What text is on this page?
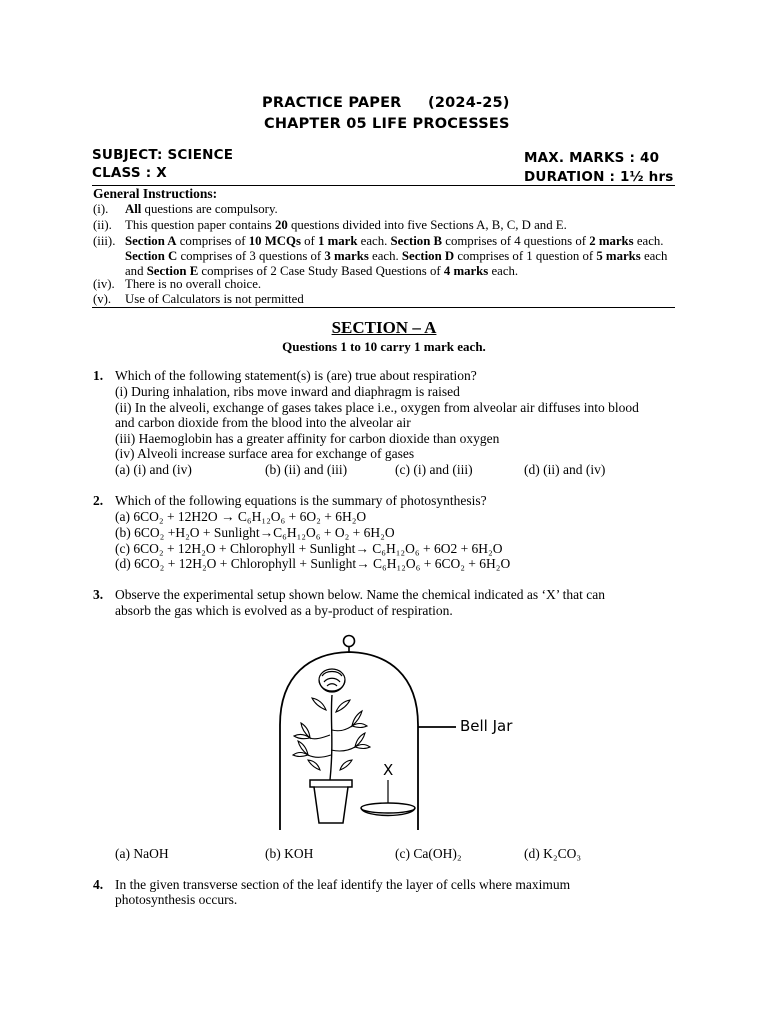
PRACTICE PAPER (2024-25)
CHAPTER 05 LIFE PROCESSES
SUBJECT: SCIENCE	MAX. MARKS : 40
CLASS : X	DURATION : 1½ hrs
General Instructions:
(i).	All questions are compulsory.
(ii).	This question paper contains 20 questions divided into five Sections A, B, C, D and E.
(iii). Section A comprises of 10 MCQs of 1 mark each. Section B comprises of 4 questions of 2 marks each. Section C comprises of 3 questions of 3 marks each. Section D comprises of 1 question of 5 marks each and Section E comprises of 2 Case Study Based Questions of 4 marks each.
(iv). There is no overall choice.
(v).	Use of Calculators is not permitted
SECTION – A
Questions 1 to 10 carry 1 mark each.
1. Which of the following statement(s) is (are) true about respiration?
(i) During inhalation, ribs move inward and diaphragm is raised
(ii) In the alveoli, exchange of gases takes place i.e., oxygen from alveolar air diffuses into blood
and carbon dioxide from the blood into the alveolar air
(iii) Haemoglobin has a greater affinity for carbon dioxide than oxygen
(iv) Alveoli increase surface area for exchange of gases
(a) (i) and (iv)	(b) (ii) and (iii)	(c) (i) and (iii)	(d) (ii) and (iv)
2. Which of the following equations is the summary of photosynthesis?
(a) 6CO₂ + 12H2O → C₆H₁₂O₆ + 6O₂ + 6H₂O
(b) 6CO₂ +H₂O + Sunlight→C₆H₁₂O₆ + O₂ + 6H₂O
(c) 6CO₂ + 12H₂O + Chlorophyll + Sunlight→ C₆H₁₂O₆ + 6O2 + 6H₂O
(d) 6CO₂ + 12H₂O + Chlorophyll + Sunlight→ C₆H₁₂O₆ + 6CO₂ + 6H₂O
3. Observe the experimental setup shown below. Name the chemical indicated as ‘X’ that can
absorb the gas which is evolved as a by-product of respiration.
Bell Jar
X
(a) NaOH	(b) KOH	(c) Ca(OH)₂	(d) K₂CO₃
4. In the given transverse section of the leaf identify the layer of cells where maximum
photosynthesis occurs.
